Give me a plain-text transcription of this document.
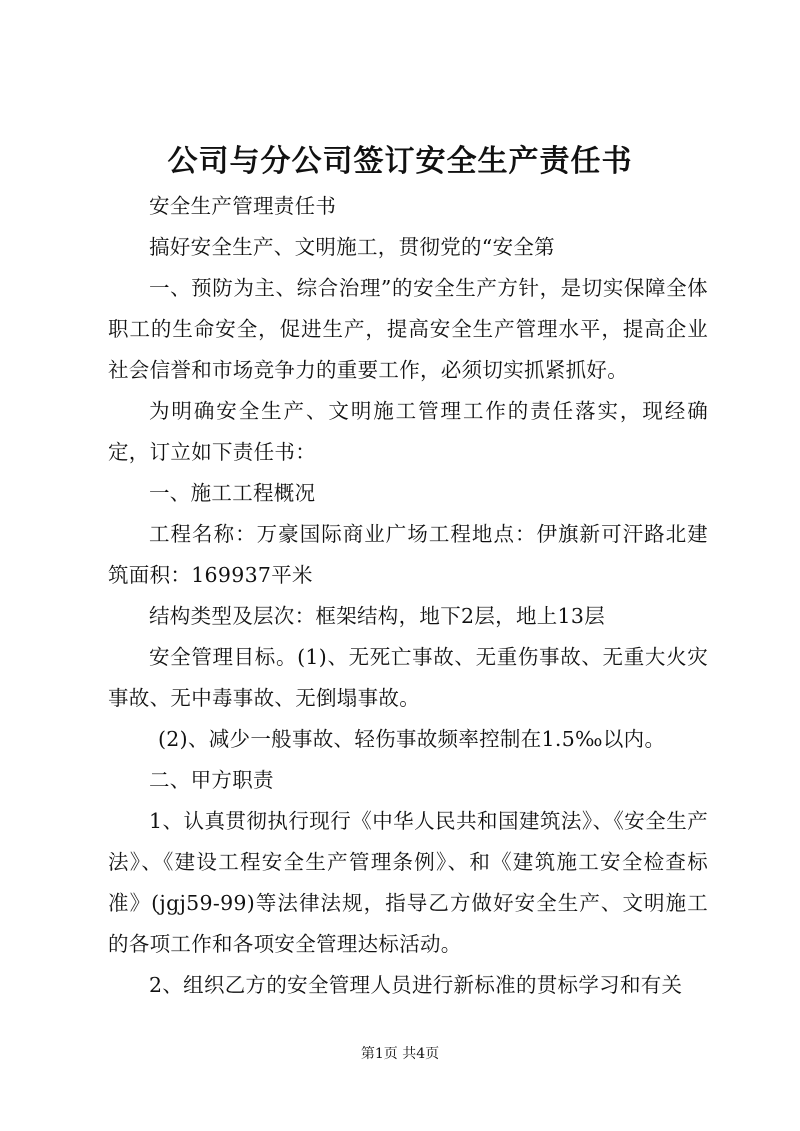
公司与分公司签订安全生产责任书

安全生产管理责任书

搞好安全生产、文明施工，贯彻党的“安全第

一、预防为主、综合治理”的安全生产方针，是切实保障全体职工的生命安全，促进生产，提高安全生产管理水平，提高企业社会信誉和市场竞争力的重要工作，必须切实抓紧抓好。

为明确安全生产、文明施工管理工作的责任落实，现经确定，订立如下责任书：

一、施工工程概况

工程名称：万豪国际商业广场工程地点：伊旗新可汗路北建筑面积：169937平米

结构类型及层次：框架结构，地下2层，地上13层

安全管理目标。(1)、无死亡事故、无重伤事故、无重大火灾事故、无中毒事故、无倒塌事故。

(2)、减少一般事故、轻伤事故频率控制在1.5‰以内。

二、甲方职责

1、认真贯彻执行现行《中华人民共和国建筑法》、《安全生产法》、《建设工程安全生产管理条例》、和《建筑施工安全检查标准》(jgj59-99)等法律法规，指导乙方做好安全生产、文明施工的各项工作和各项安全管理达标活动。

2、组织乙方的安全管理人员进行新标准的贯标学习和有关

第1页 共4页
